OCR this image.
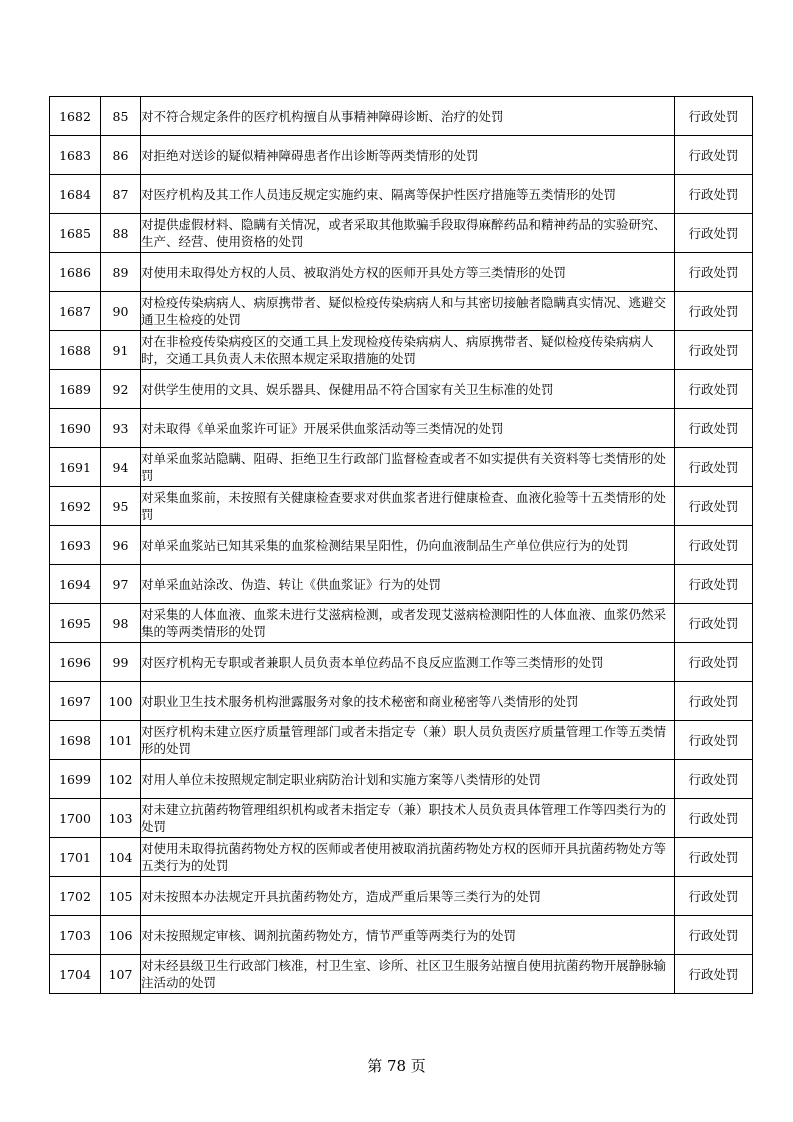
1682	85	对不符合规定条件的医疗机构擅自从事精神障碍诊断、治疗的处罚	行政处罚
1683	86	对拒绝对送诊的疑似精神障碍患者作出诊断等两类情形的处罚	行政处罚
1684	87	对医疗机构及其工作人员违反规定实施约束、隔离等保护性医疗措施等五类情形的处罚	行政处罚
1685	88	对提供虚假材料、隐瞒有关情况，或者采取其他欺骗手段取得麻醉药品和精神药品的实验研究、生产、经营、使用资格的处罚	行政处罚
1686	89	对使用未取得处方权的人员、被取消处方权的医师开具处方等三类情形的处罚	行政处罚
1687	90	对检疫传染病病人、病原携带者、疑似检疫传染病病人和与其密切接触者隐瞒真实情况、逃避交通卫生检疫的处罚	行政处罚
1688	91	对在非检疫传染病疫区的交通工具上发现检疫传染病病人、病原携带者、疑似检疫传染病病人时，交通工具负责人未依照本规定采取措施的处罚	行政处罚
1689	92	对供学生使用的文具、娱乐器具、保健用品不符合国家有关卫生标准的处罚	行政处罚
1690	93	对未取得《单采血浆许可证》开展采供血浆活动等三类情况的处罚	行政处罚
1691	94	对单采血浆站隐瞒、阻碍、拒绝卫生行政部门监督检查或者不如实提供有关资料等七类情形的处罚	行政处罚
1692	95	对采集血浆前，未按照有关健康检查要求对供血浆者进行健康检查、血液化验等十五类情形的处罚	行政处罚
1693	96	对单采血浆站已知其采集的血浆检测结果呈阳性，仍向血液制品生产单位供应行为的处罚	行政处罚
1694	97	对单采血站涂改、伪造、转让《供血浆证》行为的处罚	行政处罚
1695	98	对采集的人体血液、血浆未进行艾滋病检测，或者发现艾滋病检测阳性的人体血液、血浆仍然采集的等两类情形的处罚	行政处罚
1696	99	对医疗机构无专职或者兼职人员负责本单位药品不良反应监测工作等三类情形的处罚	行政处罚
1697	100	对职业卫生技术服务机构泄露服务对象的技术秘密和商业秘密等八类情形的处罚	行政处罚
1698	101	对医疗机构未建立医疗质量管理部门或者未指定专（兼）职人员负责医疗质量管理工作等五类情形的处罚	行政处罚
1699	102	对用人单位未按照规定制定职业病防治计划和实施方案等八类情形的处罚	行政处罚
1700	103	对未建立抗菌药物管理组织机构或者未指定专（兼）职技术人员负责具体管理工作等四类行为的处罚	行政处罚
1701	104	对使用未取得抗菌药物处方权的医师或者使用被取消抗菌药物处方权的医师开具抗菌药物处方等五类行为的处罚	行政处罚
1702	105	对未按照本办法规定开具抗菌药物处方，造成严重后果等三类行为的处罚	行政处罚
1703	106	对未按照规定审核、调剂抗菌药物处方，情节严重等两类行为的处罚	行政处罚
1704	107	对未经县级卫生行政部门核准，村卫生室、诊所、社区卫生服务站擅自使用抗菌药物开展静脉输注活动的处罚	行政处罚
第 78 页
